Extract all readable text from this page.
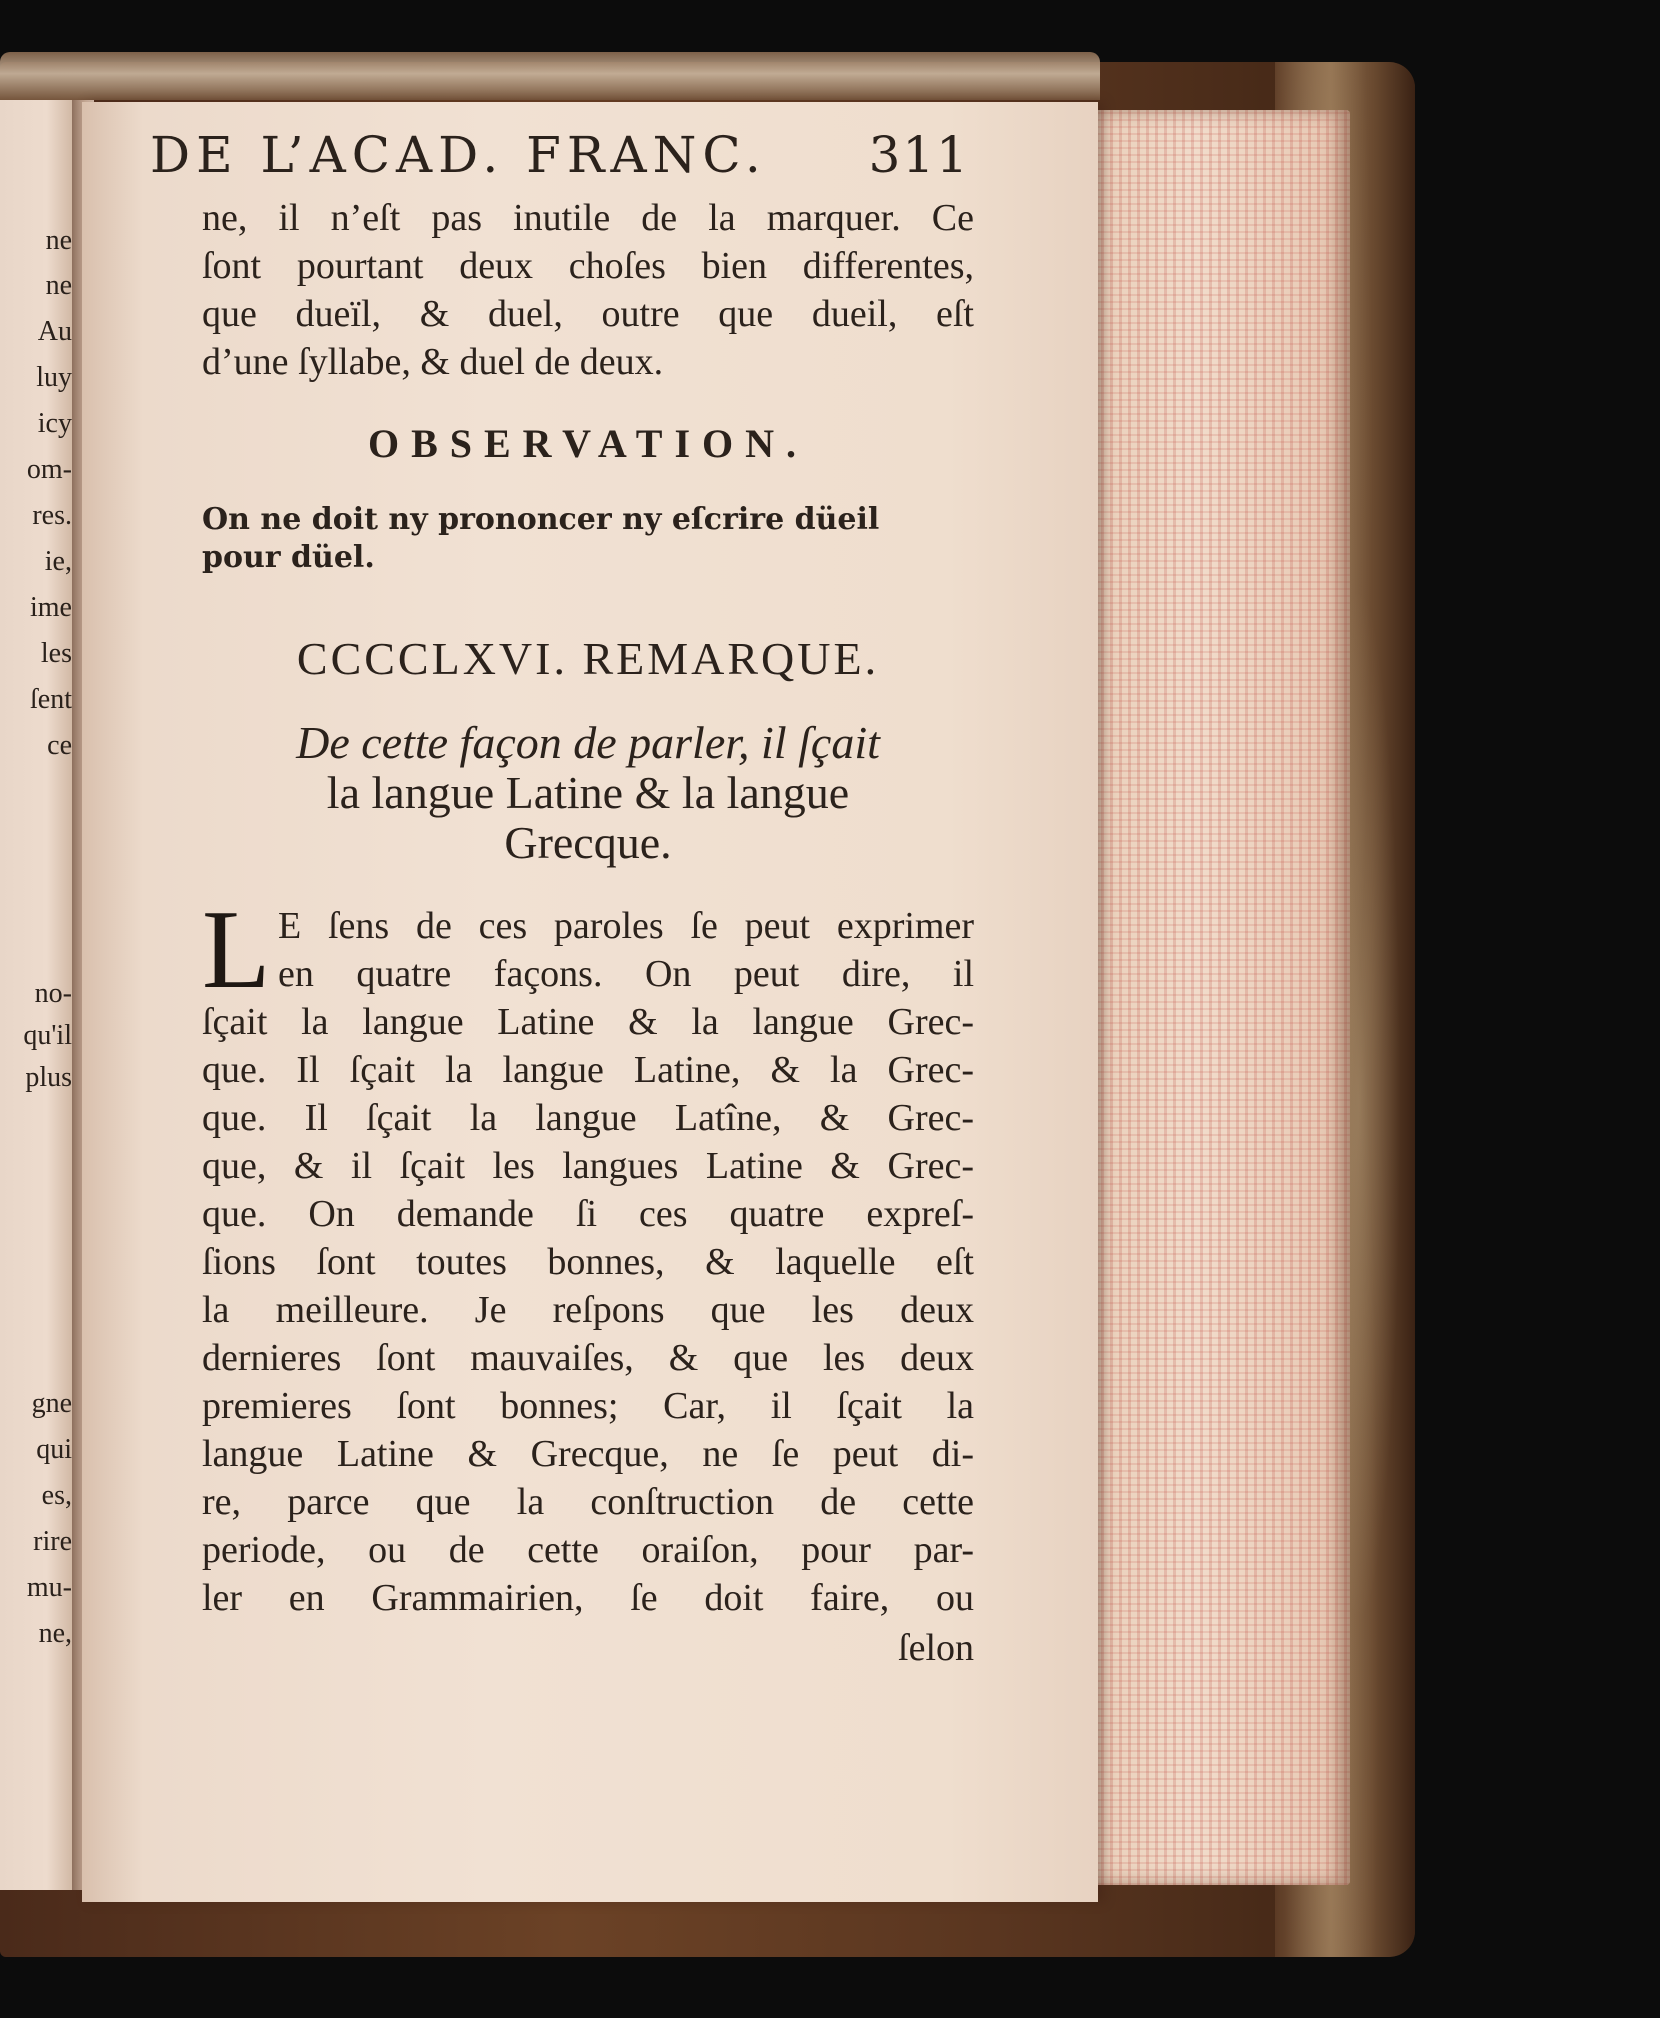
ne
ne
Au
luy
icy
om-
res.
ie,
ime
les
ſent
ce
no-
qu'il
plus
gne
qui
es,
rire
mu-
ne,
DE L’ACAD. FRANC. 311
ne, il n’eſt pas inutile de la marquer. Ce
ſont pourtant deux choſes bien differentes,
que dueïl, & duel, outre que dueil, eſt
d’une ſyllabe, & duel de deux.
OBSERVATION.
On ne doit ny prononcer ny eſcrire düeil
pour düel.
CCCCLXVI. REMARQUE.
De cette façon de parler, il ſçait
la langue Latine & la langue
Grecque.
L E ſens de ces paroles ſe peut exprimer
en quatre façons. On peut dire, il
ſçait la langue Latine & la langue Grec-
que. Il ſçait la langue Latine, & la Grec-
que. Il ſçait la langue Latîne, & Grec-
que, & il ſçait les langues Latine & Grec-
que. On demande ſi ces quatre expreſ-
ſions ſont toutes bonnes, & laquelle eſt
la meilleure. Je reſpons que les deux
dernieres ſont mauvaiſes, & que les deux
premieres ſont bonnes; Car, il ſçait la
langue Latine & Grecque, ne ſe peut di-
re, parce que la conſtruction de cette
periode, ou de cette oraiſon, pour par-
ler en Grammairien, ſe doit faire, ou
ſelon
